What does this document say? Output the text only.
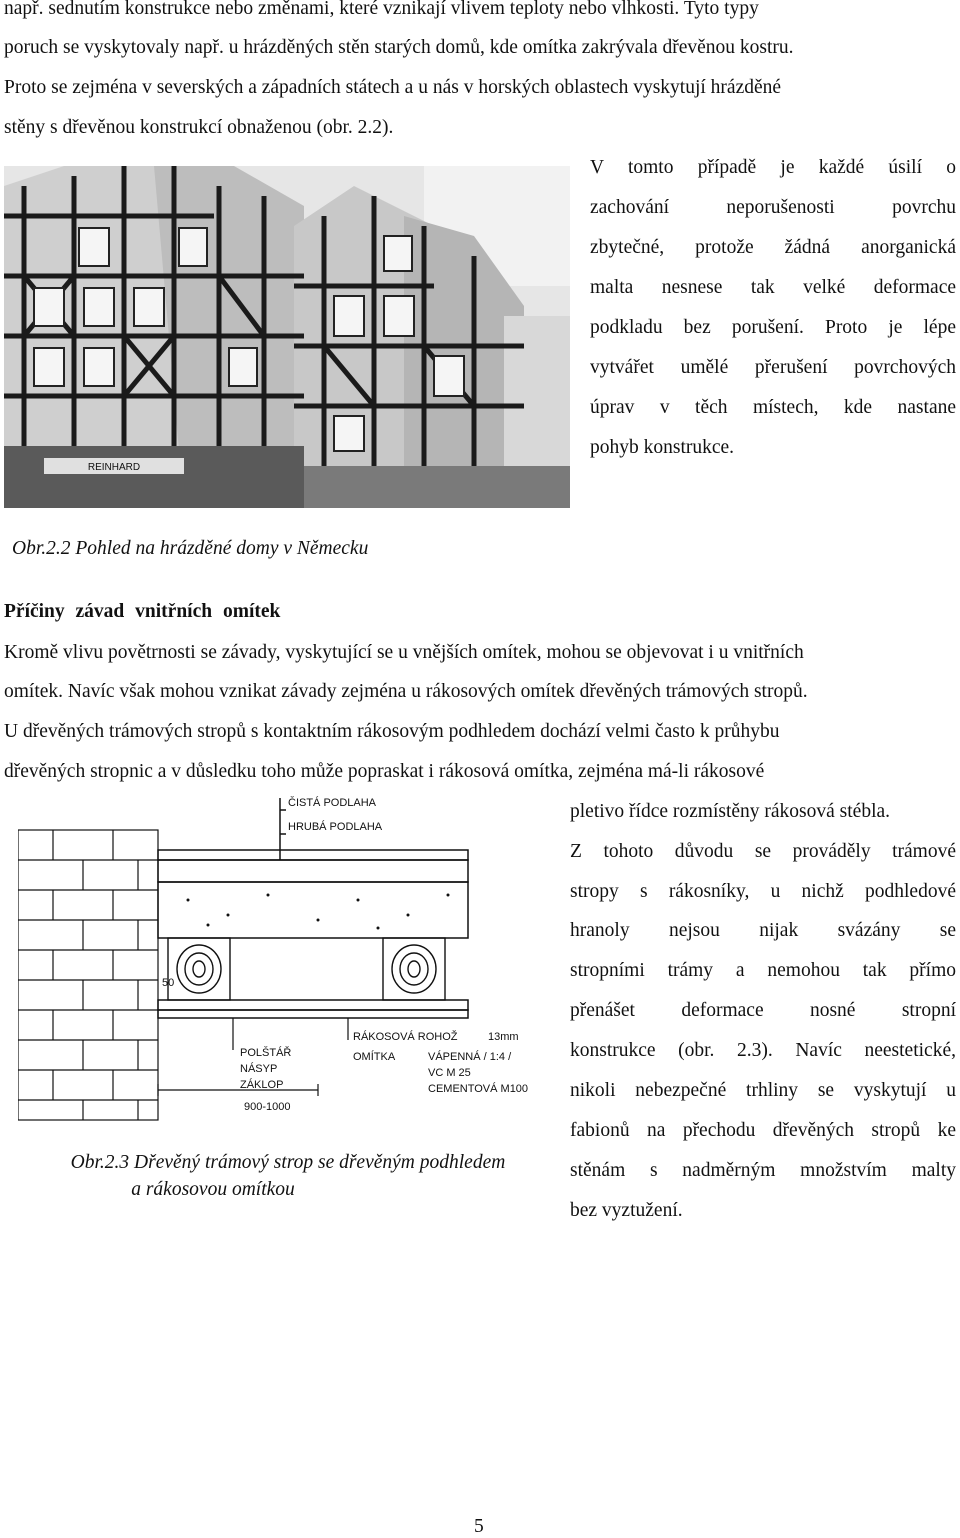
např. sednutím konstrukce nebo změnami, které vznikají vlivem teploty nebo vlhkosti. Tyto typy
poruch se vyskytovaly např. u hrázděných stěn starých domů, kde omítka zakrývala dřevěnou kostru.
Proto se zejména v severských a západních státech a u nás v horských oblastech vyskytují hrázděné
stěny s dřevěnou konstrukcí obnaženou (obr. 2.2).
REINHARD
V tomto případě je každé úsilí o
zachování neporušenosti povrchu
zbytečné, protože žádná anorganická
malta nesnese tak velké deformace
podkladu bez porušení. Proto je lépe
vytvářet umělé přerušení povrchových
úprav v těch místech, kde nastane
pohyb konstrukce.
Obr.2.2 Pohled na hrázděné domy v Německu
Příčiny závad vnitřních omítek
Kromě vlivu povětrnosti se závady, vyskytující se u vnějších omítek, mohou se objevovat i u vnitřních
omítek. Navíc však mohou vznikat závady zejména u rákosových omítek dřevěných trámových stropů.
U dřevěných trámových stropů s kontaktním rákosovým podhledem dochází velmi často k průhybu
dřevěných stropnic a v důsledku toho může popraskat i rákosová omítka, zejména má-li rákosové
ČISTÁ PODLAHA
HRUBÁ PODLAHA
50
RÁKOSOVÁ ROHOŽ	13mm
OMÍTKA	VÁPENNÁ / 1:4 /
VC M 25
CEMENTOVÁ M100
POLŠTÁŘ
NÁSYP
ZÁKLOP
900-1000
pletivo řídce rozmístěny rákosová stébla.
Z tohoto důvodu se prováděly trámové
stropy s rákosníky, u nichž podhledové
hranoly nejsou nijak svázány se
stropními trámy a nemohou tak přímo
přenášet deformace nosné stropní
konstrukce (obr. 2.3). Navíc neestetické,
nikoli nebezpečné trhliny se vyskytují u
fabionů na přechodu dřevěných stropů ke
stěnám s nadměrným množstvím malty
bez vyztužení.
Obr.2.3 Dřevěný trámový strop se dřevěným podhledem
a rákosovou omítkou
5
